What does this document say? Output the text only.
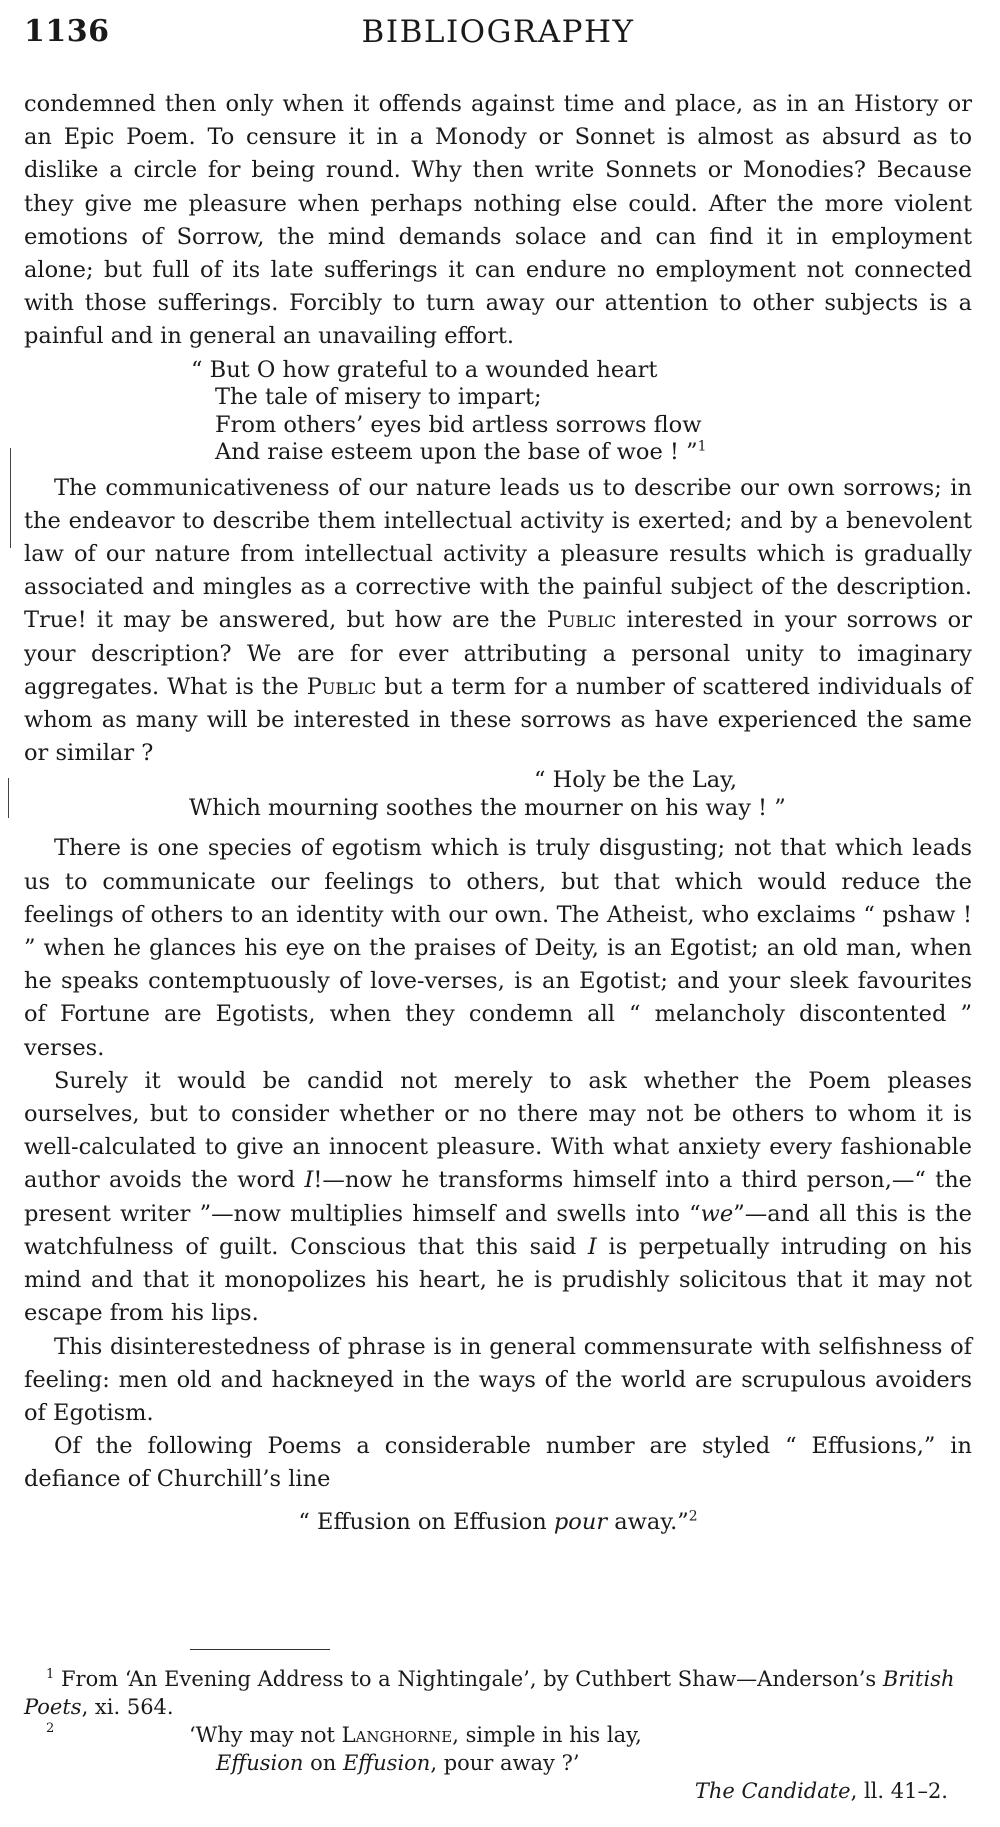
1136	BIBLIOGRAPHY

condemned then only when it offends against time and place, as in an History or an Epic Poem. To censure it in a Monody or Sonnet is almost as absurd as to dislike a circle for being round. Why then write Sonnets or Monodies? Because they give me pleasure when perhaps nothing else could. After the more violent emotions of Sorrow, the mind demands solace and can find it in employment alone; but full of its late sufferings it can endure no employment not connected with those sufferings. Forcibly to turn away our attention to other subjects is a painful and in general an unavailing effort.

“ But O how grateful to a wounded heart
The tale of misery to impart;
From others’ eyes bid artless sorrows flow
And raise esteem upon the base of woe ! ”$^1$

The communicativeness of our nature leads us to describe our own sorrows; in the endeavor to describe them intellectual activity is exerted; and by a benevolent law of our nature from intellectual activity a pleasure results which is gradually associated and mingles as a corrective with the painful subject of the description. True! it may be answered, but how are the Public interested in your sorrows or your description? We are for ever attributing a personal unity to imaginary aggregates. What is the Public but a term for a number of scattered individuals of whom as many will be interested in these sorrows as have experienced the same or similar ?

“ Holy be the Lay,
Which mourning soothes the mourner on his way ! ”

There is one species of egotism which is truly disgusting; not that which leads us to communicate our feelings to others, but that which would reduce the feelings of others to an identity with our own. The Atheist, who exclaims “ pshaw ! ” when he glances his eye on the praises of Deity, is an Egotist; an old man, when he speaks contemptuously of love-verses, is an Egotist; and your sleek favourites of Fortune are Egotists, when they condemn all “ melancholy discontented ” verses.

Surely it would be candid not merely to ask whether the Poem pleases ourselves, but to consider whether or no there may not be others to whom it is well-calculated to give an innocent pleasure. With what anxiety every fashionable author avoids the word I!—now he transforms himself into a third person,—“ the present writer ”—now multiplies himself and swells into “we”—and all this is the watchfulness of guilt. Conscious that this said I is perpetually intruding on his mind and that it monopolizes his heart, he is prudishly solicitous that it may not escape from his lips.

This disinterestedness of phrase is in general commensurate with selfishness of feeling: men old and hackneyed in the ways of the world are scrupulous avoiders of Egotism.

Of the following Poems a considerable number are styled “ Effusions,” in defiance of Churchill’s line

“ Effusion on Effusion pour away.”$^2$
$^1$ From ‘An Evening Address to a Nightingale’, by Cuthbert Shaw—Anderson’s British Poets, xi. 564.
2	‘Why may not Langhorne, simple in his lay,
Effusion on Effusion, pour away ?’
The Candidate, ll. 41–2.
